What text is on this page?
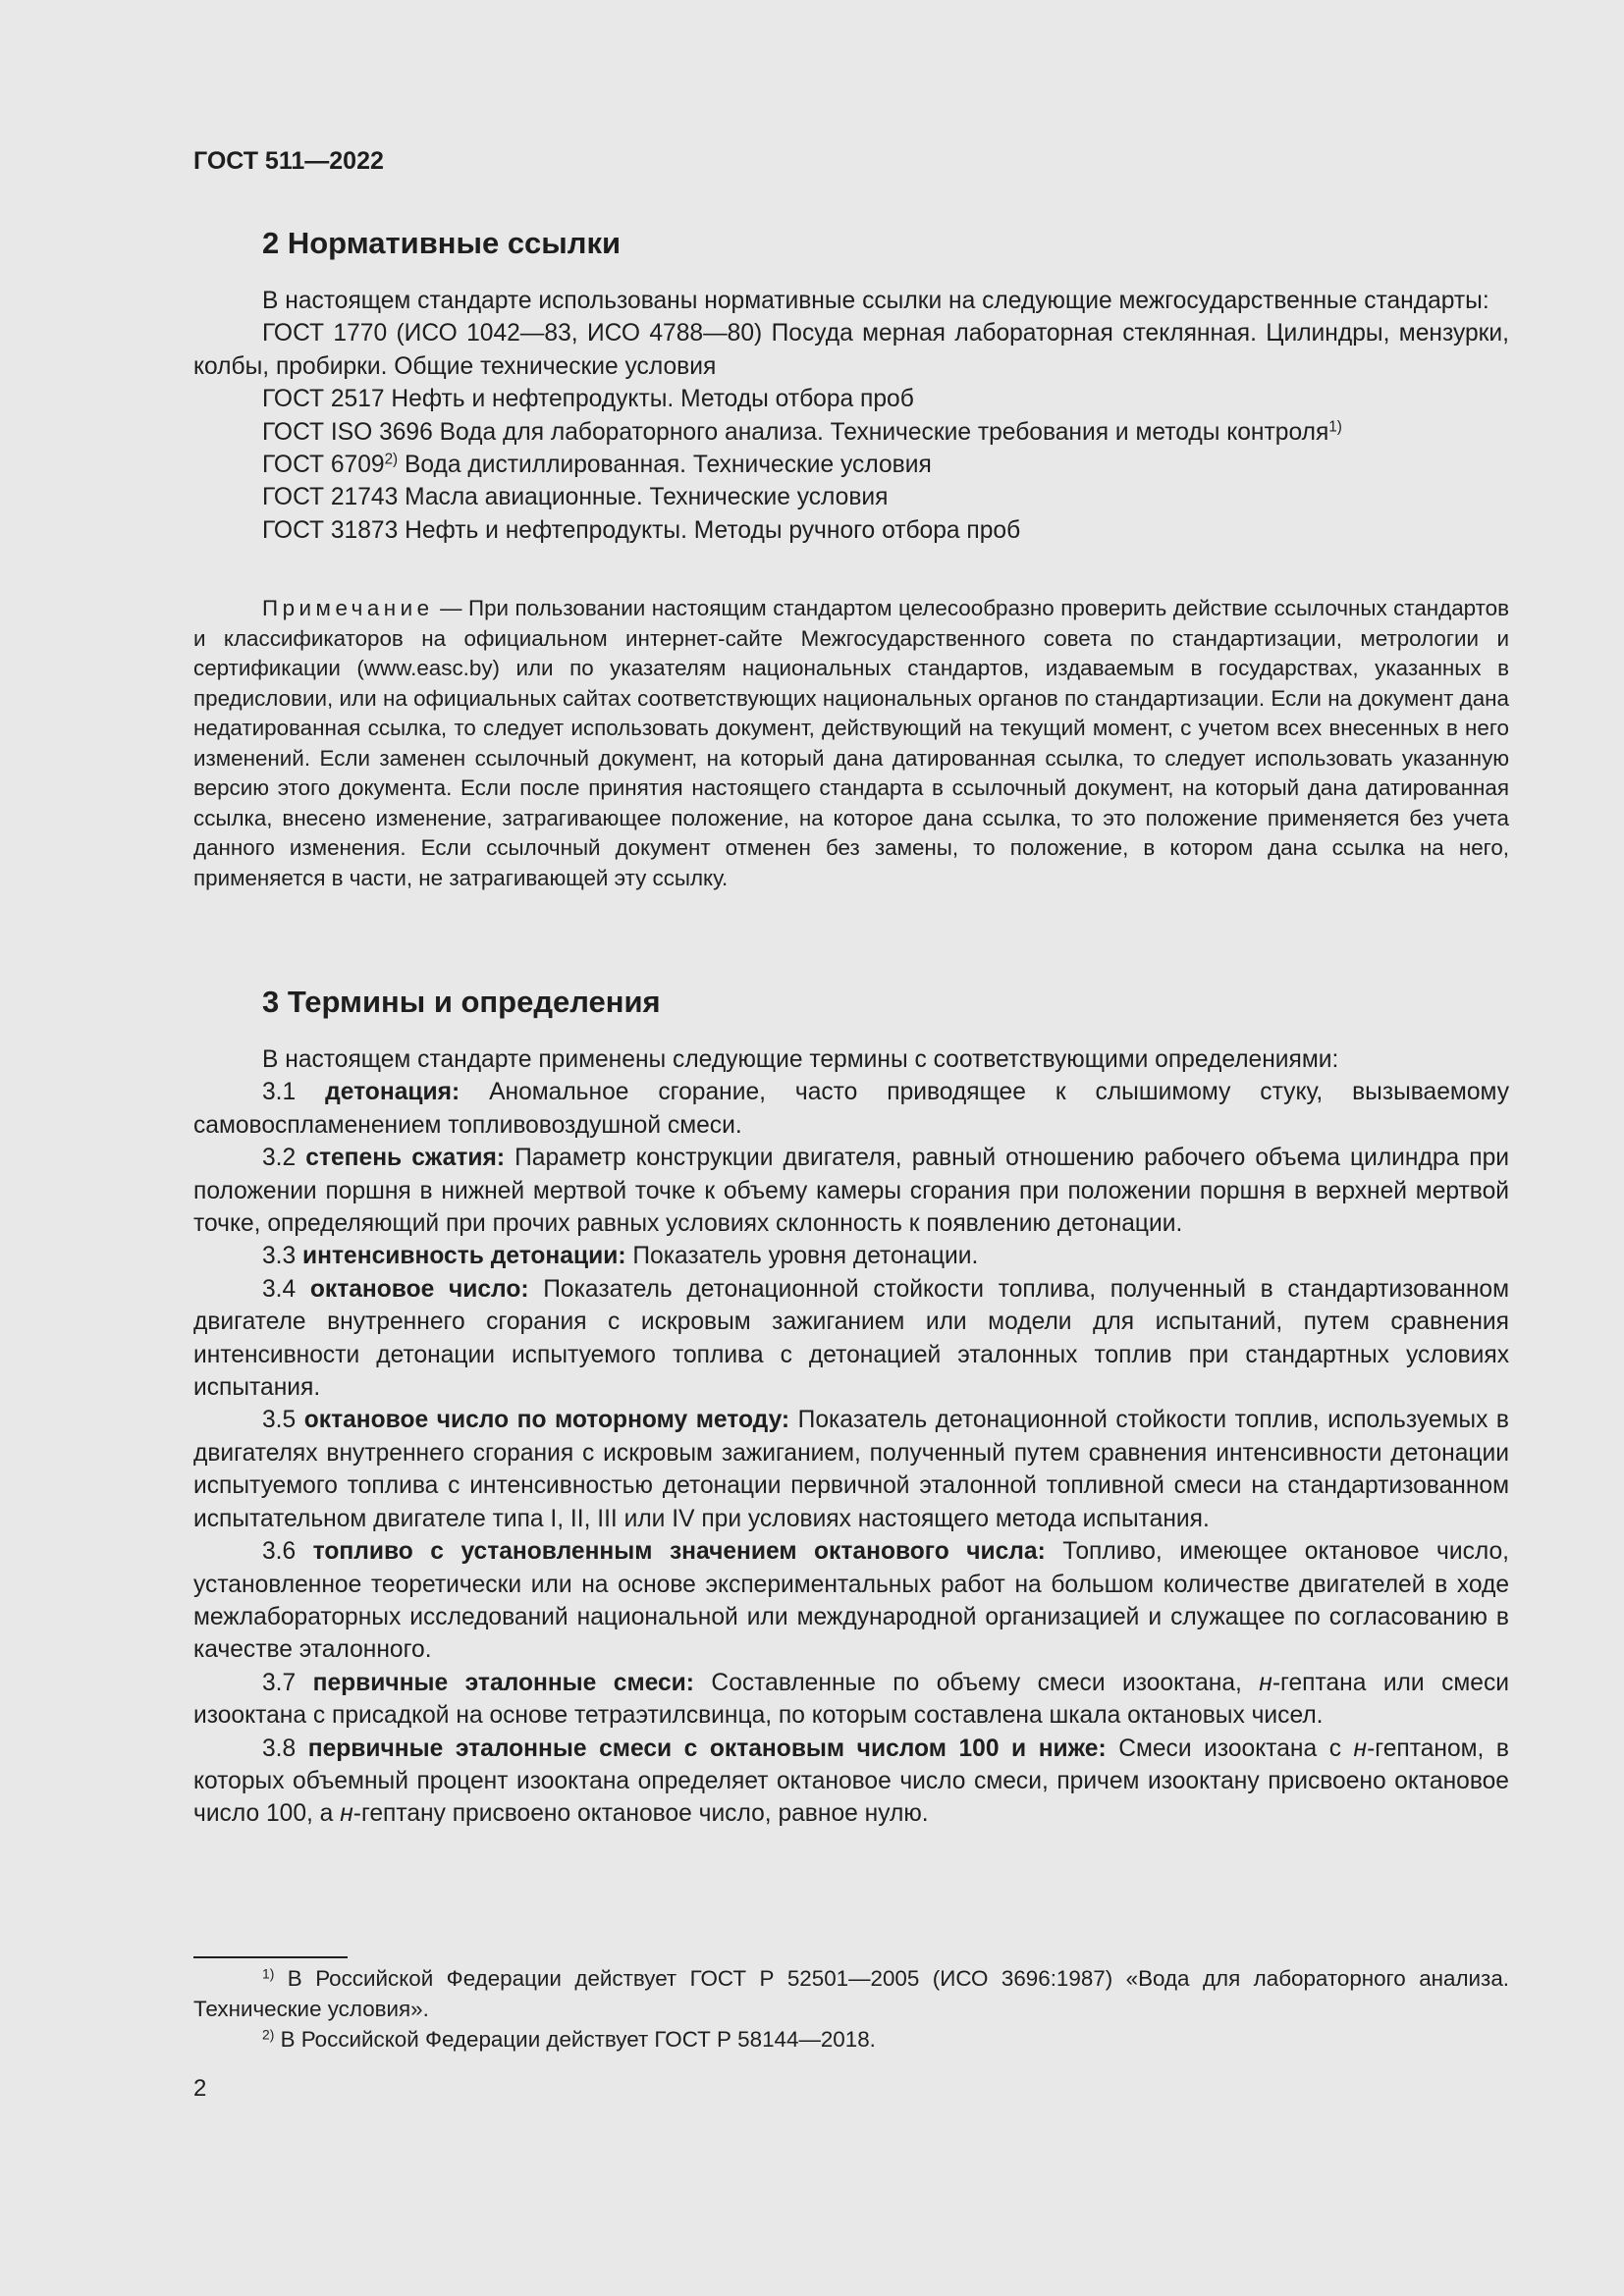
ГОСТ 511—2022
2 Нормативные ссылки

В настоящем стандарте использованы нормативные ссылки на следующие межгосударственные стандарты:

ГОСТ 1770 (ИСО 1042—83, ИСО 4788—80) Посуда мерная лабораторная стеклянная. Цилиндры, мензурки, колбы, пробирки. Общие технические условия

ГОСТ 2517 Нефть и нефтепродукты. Методы отбора проб

ГОСТ ISO 3696 Вода для лабораторного анализа. Технические требования и методы контроля$^{1)}$

ГОСТ 6709$^{2)}$ Вода дистиллированная. Технические условия

ГОСТ 21743 Масла авиационные. Технические условия

ГОСТ 31873 Нефть и нефтепродукты. Методы ручного отбора проб

Примечание — При пользовании настоящим стандартом целесообразно проверить действие ссылочных стандартов и классификаторов на официальном интернет-сайте Межгосударственного совета по стандартизации, метрологии и сертификации (www.easc.by) или по указателям национальных стандартов, издаваемым в государствах, указанных в предисловии, или на официальных сайтах соответствующих национальных органов по стандартизации. Если на документ дана недатированная ссылка, то следует использовать документ, действующий на текущий момент, с учетом всех внесенных в него изменений. Если заменен ссылочный документ, на который дана датированная ссылка, то следует использовать указанную версию этого документа. Если после принятия настоящего стандарта в ссылочный документ, на который дана датированная ссылка, внесено изменение, затрагивающее положение, на которое дана ссылка, то это положение применяется без учета данного изменения. Если ссылочный документ отменен без замены, то положение, в котором дана ссылка на него, применяется в части, не затрагивающей эту ссылку.

3 Термины и определения

В настоящем стандарте применены следующие термины с соответствующими определениями:

3.1 детонация: Аномальное сгорание, часто приводящее к слышимому стуку, вызываемому самовоспламенением топливовоздушной смеси.

3.2 степень сжатия: Параметр конструкции двигателя, равный отношению рабочего объема цилиндра при положении поршня в нижней мертвой точке к объему камеры сгорания при положении поршня в верхней мертвой точке, определяющий при прочих равных условиях склонность к появлению детонации.

3.3 интенсивность детонации: Показатель уровня детонации.

3.4 октановое число: Показатель детонационной стойкости топлива, полученный в стандартизованном двигателе внутреннего сгорания с искровым зажиганием или модели для испытаний, путем сравнения интенсивности детонации испытуемого топлива с детонацией эталонных топлив при стандартных условиях испытания.

3.5 октановое число по моторному методу: Показатель детонационной стойкости топлив, используемых в двигателях внутреннего сгорания с искровым зажиганием, полученный путем сравнения интенсивности детонации испытуемого топлива с интенсивностью детонации первичной эталонной топливной смеси на стандартизованном испытательном двигателе типа I, II, III или IV при условиях настоящего метода испытания.

3.6 топливо с установленным значением октанового числа: Топливо, имеющее октановое число, установленное теоретически или на основе экспериментальных работ на большом количестве двигателей в ходе межлабораторных исследований национальной или международной организацией и служащее по согласованию в качестве эталонного.

3.7 первичные эталонные смеси: Составленные по объему смеси изооктана, н-гептана или смеси изооктана с присадкой на основе тетраэтилсвинца, по которым составлена шкала октановых чисел.

3.8 первичные эталонные смеси с октановым числом 100 и ниже: Смеси изооктана с н-гептаном, в которых объемный процент изооктана определяет октановое число смеси, причем изооктану присвоено октановое число 100, а н-гептану присвоено октановое число, равное нулю.

$^{1)}$ В Российской Федерации действует ГОСТ Р 52501—2005 (ИСО 3696:1987) «Вода для лабораторного анализа. Технические условия».

$^{2)}$ В Российской Федерации действует ГОСТ Р 58144—2018.

2
